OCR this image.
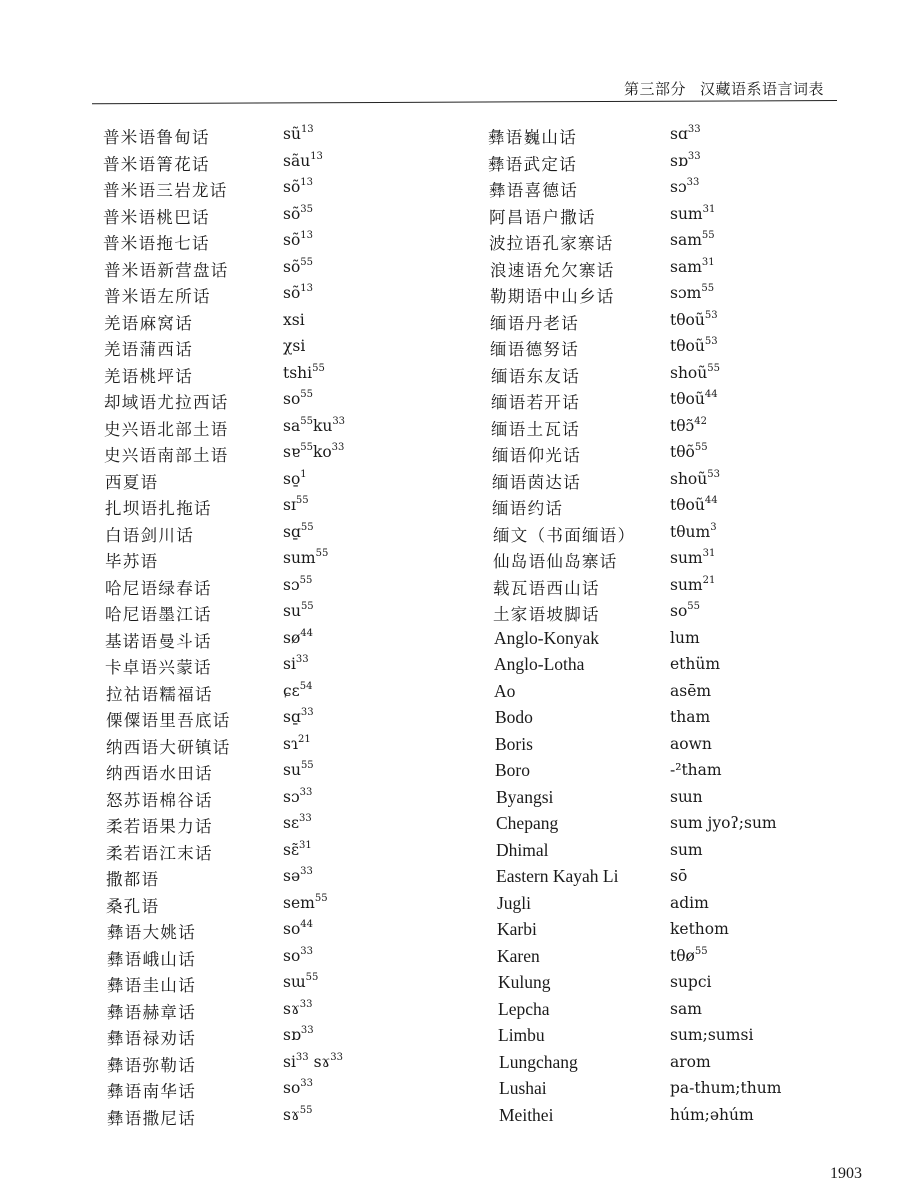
第三部分 汉藏语系语言词表
普米语鲁甸话	$sũ^{13}$
普米语箐花话	sãu$^{13}$
普米语三岩龙话	$sõ^{13}$
普米语桃巴话	$sõ^{35}$
普米语拖七话	$sõ^{13}$
普米语新营盘话	$sõ^{55}$
普米语左所话	$sõ^{13}$
羌语麻窝话	xsi
羌语蒲西话	χsi
羌语桃坪话	tshi$^{55}$
却域语尤拉西话	$so^{55}$
史兴语北部土语	$sa^{55}ku^{33}$
史兴语南部土语	$sɐ^{55}ko^{33}$
西夏语	so̱$^1$
扎坝语扎拖话	sɪ$^{55}$
白语剑川话	sɑ̱$^{55}$
毕苏语	sum$^{55}$
哈尼语绿春话	sɔ$^{55}$
哈尼语墨江话	$su^{55}$
基诺语曼斗话	$sø^{44}$
卡卓语兴蒙话	$si^{33}$
拉祜语糯福话	ɕɛ$^{54}$
傈僳语里吾底话	sɑ̱$^{33}$
纳西语大研镇话	sɿ$^{21}$
纳西语水田话	$su^{55}$
怒苏语棉谷话	sɔ$^{33}$
柔若语果力话	sɛ$^{33}$
柔若语江末话	sɛ̃$^{31}$
撒都语	sə$^{33}$
桑孔语	sem$^{55}$
彝语大姚话	$so^{44}$
彝语峨山话	$so^{33}$
彝语圭山话	sɯ$^{55}$
彝语赫章话	sɤ$^{33}$
彝语禄劝话	sɒ$^{33}$
彝语弥勒话	$si^{33}$ sɤ$^{33}$
彝语南华话	$so^{33}$
彝语撒尼话	sɤ$^{55}$
彝语巍山话	sɑ$^{33}$
彝语武定话	sɒ$^{33}$
彝语喜德话	sɔ$^{33}$
阿昌语户撒话	sum$^{31}$
波拉语孔家寨话	sam$^{55}$
浪速语允欠寨话	sam$^{31}$
勒期语中山乡话	sɔm$^{55}$
缅语丹老话	tθoũ$^{53}$
缅语德努话	tθoũ$^{53}$
缅语东友话	shoũ$^{55}$
缅语若开话	tθoũ$^{44}$
缅语土瓦话	tθɔ̃$^{42}$
缅语仰光话	tθõ$^{55}$
缅语茵达话	shoũ$^{53}$
缅语约话	tθoũ$^{44}$
缅文（书面缅语） tθum$^3$
仙岛语仙岛寨话	sum$^{31}$
载瓦语西山话	sum$^{21}$
土家语坡脚话	$so^{55}$
Anglo-Konyak	lum
Anglo-Lotha	ethüm
Ao	asēm
Bodo	tham
Boris	aown
Boro	-²tham
Byangsi	sɯn
Chepang	sum jyoʔ;sum
Dhimal	sum
Eastern Kayah Li	sō
Jugli	adim
Karbi	kethom
Karen	tθø$^{55}$
Kulung	supci
Lepcha	sam
Limbu	sum;sumsi
Lungchang	arom
Lushai	pa-thum;thum
Meithei	húm;əhúm
1903
